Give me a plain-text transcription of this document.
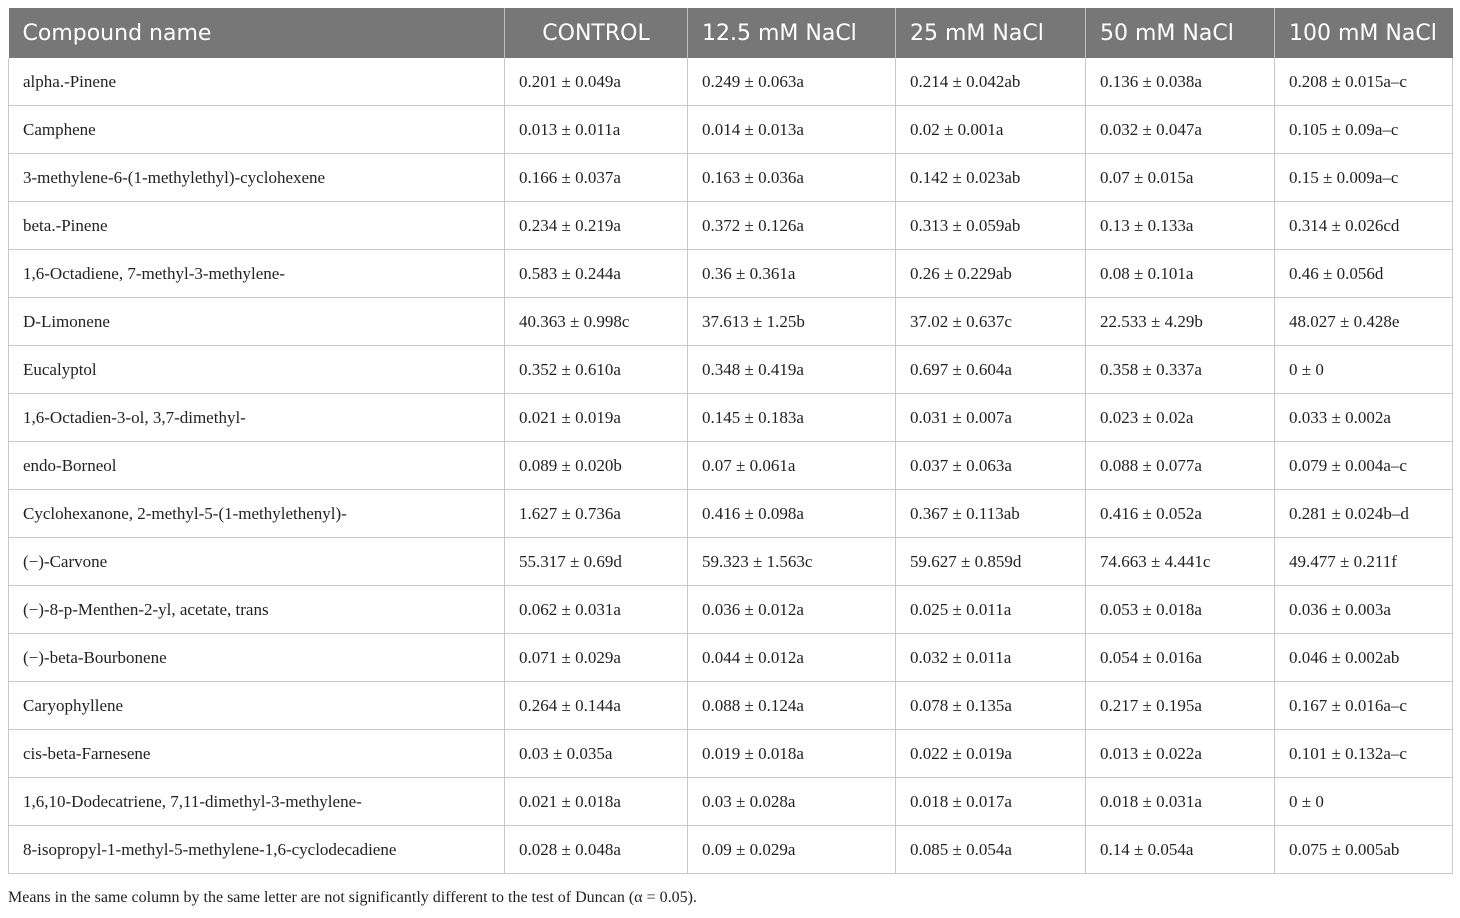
Compound name	CONTROL	12.5 mM NaCl	25 mM NaCl	50 mM NaCl	100 mM NaCl
alpha.-Pinene	0.201 ± 0.049a	0.249 ± 0.063a	0.214 ± 0.042ab	0.136 ± 0.038a	0.208 ± 0.015a–c
Camphene	0.013 ± 0.011a	0.014 ± 0.013a	0.02 ± 0.001a	0.032 ± 0.047a	0.105 ± 0.09a–c
3-methylene-6-(1-methylethyl)-cyclohexene	0.166 ± 0.037a	0.163 ± 0.036a	0.142 ± 0.023ab	0.07 ± 0.015a	0.15 ± 0.009a–c
beta.-Pinene	0.234 ± 0.219a	0.372 ± 0.126a	0.313 ± 0.059ab	0.13 ± 0.133a	0.314 ± 0.026cd
1,6-Octadiene, 7-methyl-3-methylene-	0.583 ± 0.244a	0.36 ± 0.361a	0.26 ± 0.229ab	0.08 ± 0.101a	0.46 ± 0.056d
D-Limonene	40.363 ± 0.998c	37.613 ± 1.25b	37.02 ± 0.637c	22.533 ± 4.29b	48.027 ± 0.428e
Eucalyptol	0.352 ± 0.610a	0.348 ± 0.419a	0.697 ± 0.604a	0.358 ± 0.337a	0 ± 0
1,6-Octadien-3-ol, 3,7-dimethyl-	0.021 ± 0.019a	0.145 ± 0.183a	0.031 ± 0.007a	0.023 ± 0.02a	0.033 ± 0.002a
endo-Borneol	0.089 ± 0.020b	0.07 ± 0.061a	0.037 ± 0.063a	0.088 ± 0.077a	0.079 ± 0.004a–c
Cyclohexanone, 2-methyl-5-(1-methylethenyl)-	1.627 ± 0.736a	0.416 ± 0.098a	0.367 ± 0.113ab	0.416 ± 0.052a	0.281 ± 0.024b–d
(−)-Carvone	55.317 ± 0.69d	59.323 ± 1.563c	59.627 ± 0.859d	74.663 ± 4.441c	49.477 ± 0.211f
(−)-8-p-Menthen-2-yl, acetate, trans	0.062 ± 0.031a	0.036 ± 0.012a	0.025 ± 0.011a	0.053 ± 0.018a	0.036 ± 0.003a
(−)-beta-Bourbonene	0.071 ± 0.029a	0.044 ± 0.012a	0.032 ± 0.011a	0.054 ± 0.016a	0.046 ± 0.002ab
Caryophyllene	0.264 ± 0.144a	0.088 ± 0.124a	0.078 ± 0.135a	0.217 ± 0.195a	0.167 ± 0.016a–c
cis-beta-Farnesene	0.03 ± 0.035a	0.019 ± 0.018a	0.022 ± 0.019a	0.013 ± 0.022a	0.101 ± 0.132a–c
1,6,10-Dodecatriene, 7,11-dimethyl-3-methylene-	0.021 ± 0.018a	0.03 ± 0.028a	0.018 ± 0.017a	0.018 ± 0.031a	0 ± 0
8-isopropyl-1-methyl-5-methylene-1,6-cyclodecadiene	0.028 ± 0.048a	0.09 ± 0.029a	0.085 ± 0.054a	0.14 ± 0.054a	0.075 ± 0.005ab
Means in the same column by the same letter are not significantly different to the test of Duncan (α = 0.05).
